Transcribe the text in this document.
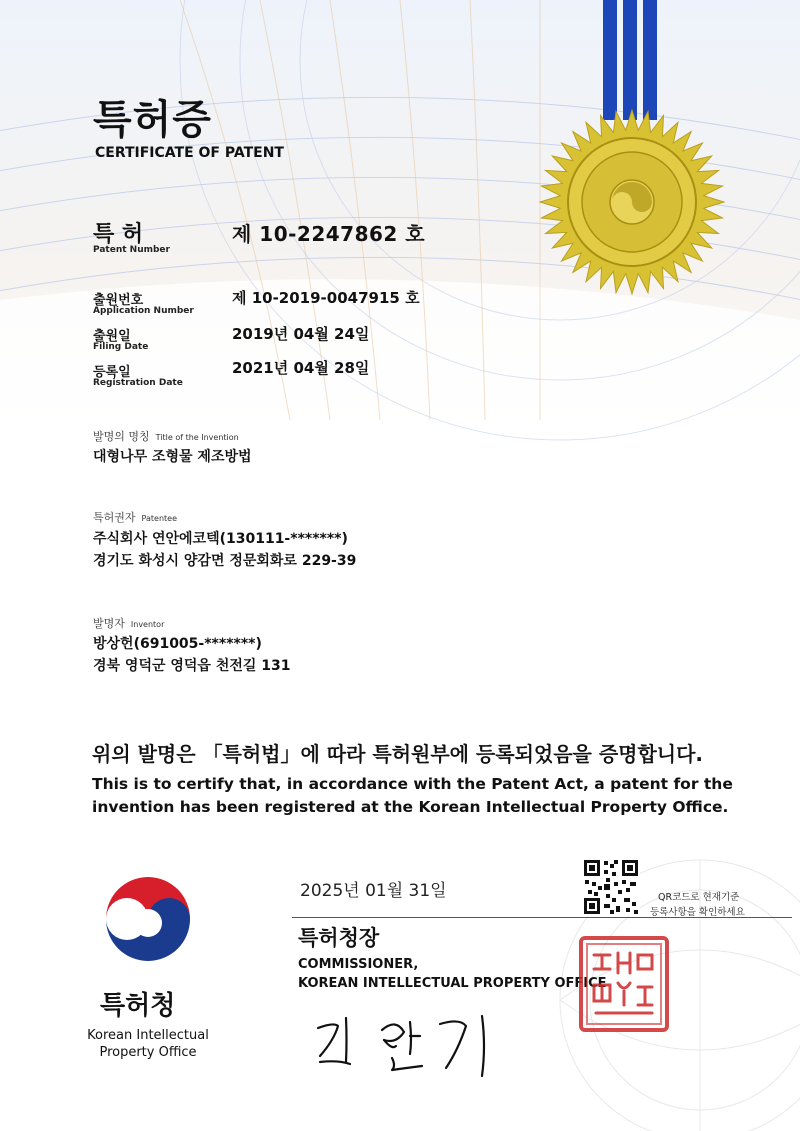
특허증
CERTIFICATE OF PATENT
특 허
Patent Number
제 10-2247862 호
출원번호
Application Number
제 10-2019-0047915 호
출원일
Filing Date
2019년 04월 24일
등록일
Registration Date
2021년 04월 28일
발명의 명칭 Title of the Invention
대형나무 조형물 제조방법
특허권자 Patentee
주식회사 연안에코텍(130111-*******)
경기도 화성시 양감면 정문회화로 229-39
발명자 Inventor
방상헌(691005-*******)
경북 영덕군 영덕읍 천전길 131
위의 발명은 「특허법」에 따라 특허원부에 등록되었음을 증명합니다.
This is to certify that, in accordance with the Patent Act, a patent for the
invention has been registered at the Korean Intellectual Property Office.
2025년 01월 31일	QR코드로 현재기준
등록사항을 확인하세요
특허청장
COMMISSIONER,
KOREAN INTELLECTUAL PROPERTY OFFICE
특허청
Korean Intellectual
Property Office
